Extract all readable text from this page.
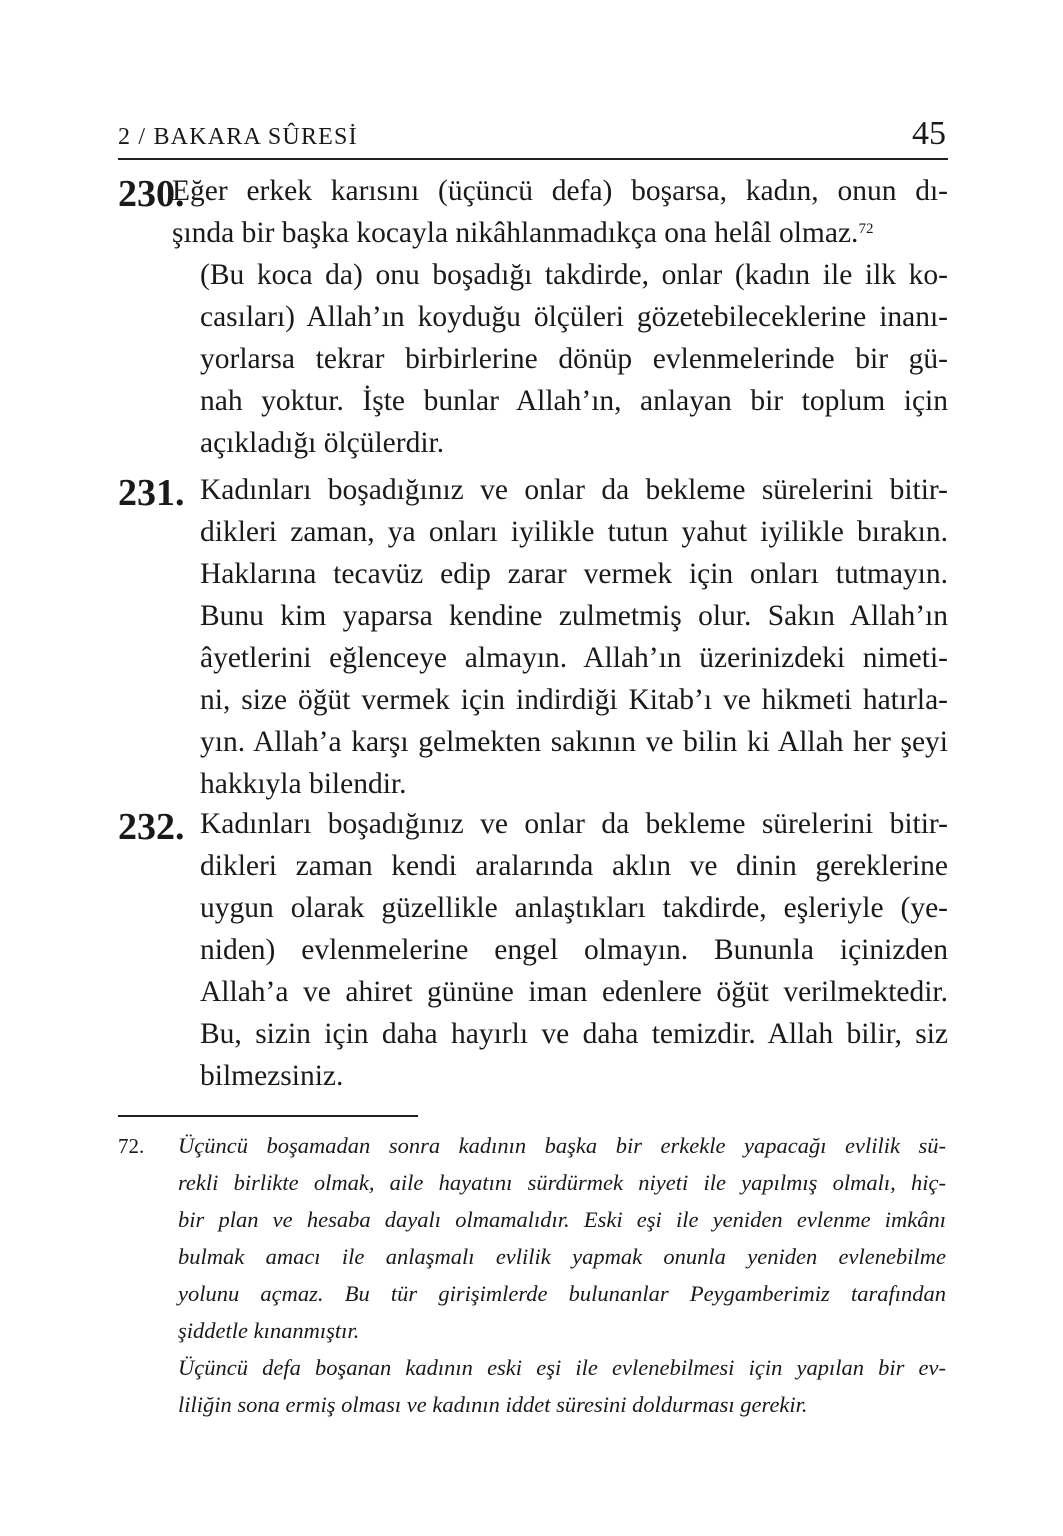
2 / BAKARA SÛRESİ	45
230.
Eğer erkek karısını (üçüncü defa) boşarsa, kadın, onun dı-
şında bir başka kocayla nikâhlanmadıkça ona helâl olmaz.$^{72}$
(Bu koca da) onu boşadığı takdirde, onlar (kadın ile ilk ko-
casıları) Allah’ın koyduğu ölçüleri gözetebileceklerine inanı-
yorlarsa tekrar birbirlerine dönüp evlenmelerinde bir gü-
nah yoktur. İşte bunlar Allah’ın, anlayan bir toplum için
açıkladığı ölçülerdir.
231. Kadınları boşadığınız ve onlar da bekleme sürelerini bitir-
dikleri zaman, ya onları iyilikle tutun yahut iyilikle bırakın.
Haklarına tecavüz edip zarar vermek için onları tutmayın.
Bunu kim yaparsa kendine zulmetmiş olur. Sakın Allah’ın
âyetlerini eğlenceye almayın. Allah’ın üzerinizdeki nimeti-
ni, size öğüt vermek için indirdiği Kitab’ı ve hikmeti hatırla-
yın. Allah’a karşı gelmekten sakının ve bilin ki Allah her şeyi
hakkıyla bilendir.
232. Kadınları boşadığınız ve onlar da bekleme sürelerini bitir-
dikleri zaman kendi aralarında aklın ve dinin gereklerine
uygun olarak güzellikle anlaştıkları takdirde, eşleriyle (ye-
niden) evlenmelerine engel olmayın. Bununla içinizden
Allah’a ve ahiret gününe iman edenlere öğüt verilmektedir.
Bu, sizin için daha hayırlı ve daha temizdir. Allah bilir, siz
bilmezsiniz.
72. Üçüncü boşamadan sonra kadının başka bir erkekle yapacağı evlilik sü-
rekli birlikte olmak, aile hayatını sürdürmek niyeti ile yapılmış olmalı, hiç-
bir plan ve hesaba dayalı olmamalıdır. Eski eşi ile yeniden evlenme imkânı
bulmak amacı ile anlaşmalı evlilik yapmak onunla yeniden evlenebilme
yolunu açmaz. Bu tür girişimlerde bulunanlar Peygamberimiz tarafından
şiddetle kınanmıştır.
Üçüncü defa boşanan kadının eski eşi ile evlenebilmesi için yapılan bir ev-
liliğin sona ermiş olması ve kadının iddet süresini doldurması gerekir.
